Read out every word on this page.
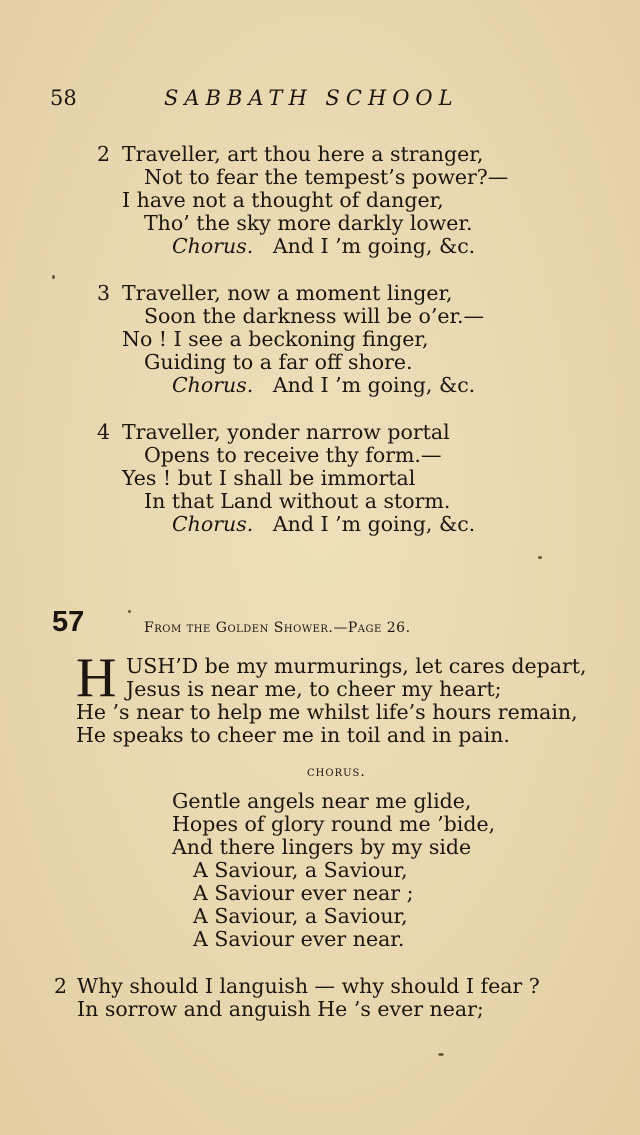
58	SABBATH SCHOOL
2 Traveller, art thou here a stranger,
Not to fear the tempest’s power?—
I have not a thought of danger,
Tho’ the sky more darkly lower.
Chorus. And I ’m going, &c.
3 Traveller, now a moment linger,
Soon the darkness will be o’er.—
No ! I see a beckoning finger,
Guiding to a far off shore.
Chorus. And I ’m going, &c.
4 Traveller, yonder narrow portal
Opens to receive thy form.—
Yes ! but I shall be immortal
In that Land without a storm.
Chorus. And I ’m going, &c.
57	From the Golden Shower.—Page 26.
H USH’D be my murmurings, let cares depart,
Jesus is near me, to cheer my heart;
He ’s near to help me whilst life’s hours remain,
He speaks to cheer me in toil and in pain.
chorus.
Gentle angels near me glide,
Hopes of glory round me ’bide,
And there lingers by my side
A Saviour, a Saviour,
A Saviour ever near ;
A Saviour, a Saviour,
A Saviour ever near.
2 Why should I languish — why should I fear ?
In sorrow and anguish He ’s ever near;
